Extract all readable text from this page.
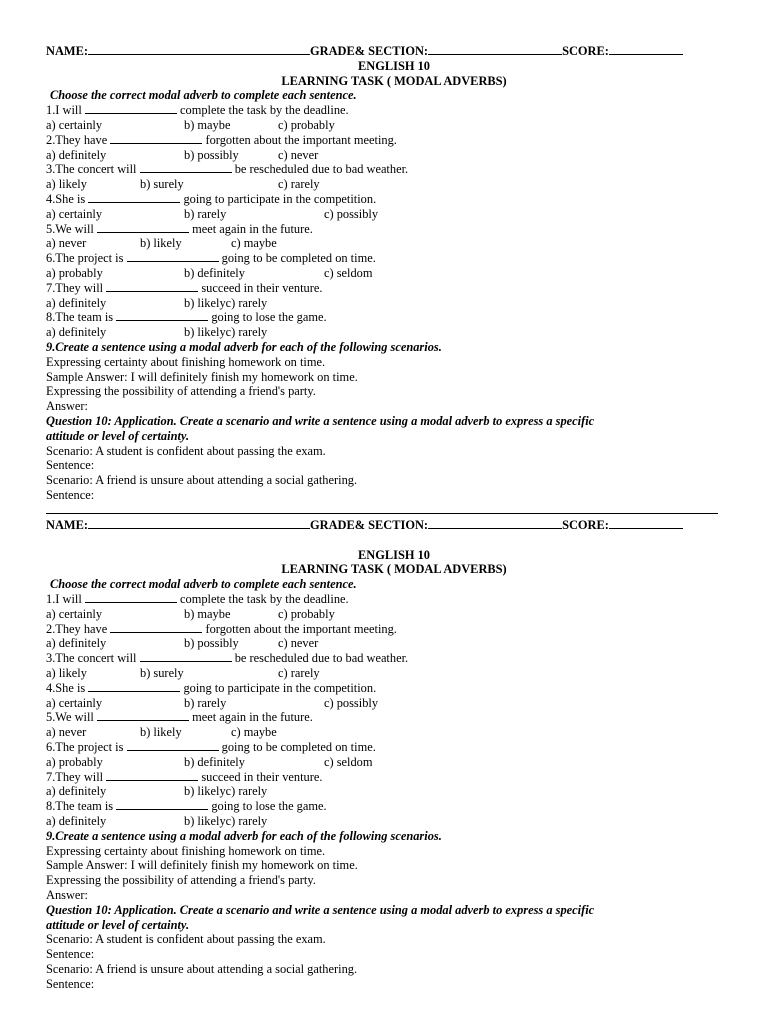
NAME:	GRADE& SECTION:	SCORE:
ENGLISH 10
LEARNING TASK ( MODAL ADVERBS)
Choose the correct modal adverb to complete each sentence.
1.I will	complete the task by the deadline.
a) certainly	b) maybe	c) probably
2.They have	forgotten about the important meeting.
a) definitely	b) possibly	c) never
3.The concert will	be rescheduled due to bad weather.
a) likely	b) surely	c) rarely
4.She is	going to participate in the competition.
a) certainly	b) rarely	c) possibly
5.We will	meet again in the future.
a) never	b) likely	c) maybe
6.The project is	going to be completed on time.
a) probably	b) definitely	c) seldom
7.They will	succeed in their venture.
a) definitely	b) likelyc) rarely
8.The team is	going to lose the game.
a) definitely	b) likelyc) rarely
9.Create a sentence using a modal adverb for each of the following scenarios.
Expressing certainty about finishing homework on time.
Sample Answer: I will definitely finish my homework on time.
Expressing the possibility of attending a friend's party.
Answer:
Question 10: Application. Create a scenario and write a sentence using a modal adverb to express a specific
attitude or level of certainty.
Scenario: A student is confident about passing the exam.
Sentence:
Scenario: A friend is unsure about attending a social gathering.
Sentence:
NAME:	GRADE& SECTION:	SCORE:
ENGLISH 10
LEARNING TASK ( MODAL ADVERBS)
Choose the correct modal adverb to complete each sentence.
1.I will	complete the task by the deadline.
a) certainly	b) maybe	c) probably
2.They have	forgotten about the important meeting.
a) definitely	b) possibly	c) never
3.The concert will	be rescheduled due to bad weather.
a) likely	b) surely	c) rarely
4.She is	going to participate in the competition.
a) certainly	b) rarely	c) possibly
5.We will	meet again in the future.
a) never	b) likely	c) maybe
6.The project is	going to be completed on time.
a) probably	b) definitely	c) seldom
7.They will	succeed in their venture.
a) definitely	b) likelyc) rarely
8.The team is	going to lose the game.
a) definitely	b) likelyc) rarely
9.Create a sentence using a modal adverb for each of the following scenarios.
Expressing certainty about finishing homework on time.
Sample Answer: I will definitely finish my homework on time.
Expressing the possibility of attending a friend's party.
Answer:
Question 10: Application. Create a scenario and write a sentence using a modal adverb to express a specific
attitude or level of certainty.
Scenario: A student is confident about passing the exam.
Sentence:
Scenario: A friend is unsure about attending a social gathering.
Sentence:
